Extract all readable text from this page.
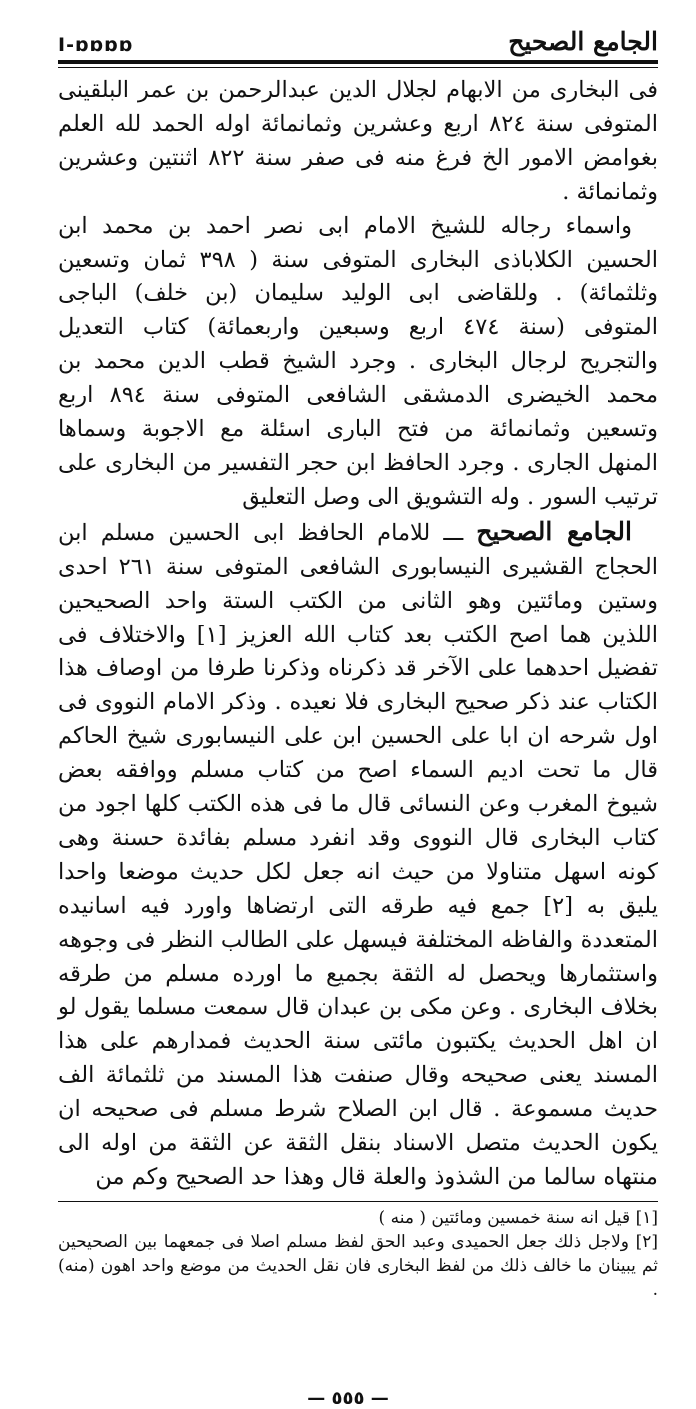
I-ɒɒɒɒ	الجامع الصحيح

فى البخارى من الابهام لجلال الدين عبدالرحمن بن عمر البلقينى المتوفى سنة ٨٢٤ اربع وعشرين وثمانمائة اوله الحمد لله العلم بغوامض الامور الخ فرغ منه فى صفر سنة ٨٢٢ اثنتين وعشرين وثمانمائة .

واسماء رجاله للشيخ الامام ابى نصر احمد بن محمد ابن الحسين الكلاباذى البخارى المتوفى سنة ( ٣٩٨ ثمان وتسعين وثلثمائة) . وللقاضى ابى الوليد سليمان (بن خلف) الباجى المتوفى (سنة ٤٧٤ اربع وسبعين واربعمائة) كتاب التعديل والتجريح لرجال البخارى . وجرد الشيخ قطب الدين محمد بن محمد الخيضرى الدمشقى الشافعى المتوفى سنة ٨٩٤ اربع وتسعين وثمانمائة من فتح البارى اسئلة مع الاجوبة وسماها المنهل الجارى . وجرد الحافظ ابن حجر التفسير من البخارى على ترتيب السور . وله التشويق الى وصل التعليق

الجامع الصحيح ـــ للامام الحافظ ابى الحسين مسلم ابن الحجاج القشيرى النيسابورى الشافعى المتوفى سنة ٢٦١ احدى وستين ومائتين وهو الثانى من الكتب الستة واحد الصحيحين اللذين هما اصح الكتب بعد كتاب الله العزيز [١] والاختلاف فى تفضيل احدهما على الآخر قد ذكرناه وذكرنا طرفا من اوصاف هذا الكتاب عند ذكر صحيح البخارى فلا نعيده . وذكر الامام النووى فى اول شرحه ان ابا على الحسين ابن على النيسابورى شيخ الحاكم قال ما تحت اديم السماء اصح من كتاب مسلم ووافقه بعض شيوخ المغرب وعن النسائى قال ما فى هذه الكتب كلها اجود من كتاب البخارى قال النووى وقد انفرد مسلم بفائدة حسنة وهى كونه اسهل متناولا من حيث انه جعل لكل حديث موضعا واحدا يليق به [٢] جمع فيه طرقه التى ارتضاها واورد فيه اسانيده المتعددة والفاظه المختلفة فيسهل على الطالب النظر فى وجوهه واستثمارها ويحصل له الثقة بجميع ما اورده مسلم من طرقه بخلاف البخارى . وعن مكى بن عبدان قال سمعت مسلما يقول لو ان اهل الحديث يكتبون مائتى سنة الحديث فمدارهم على هذا المسند يعنى صحيحه وقال صنفت هذا المسند من ثلثمائة الف حديث مسموعة . قال ابن الصلاح شرط مسلم فى صحيحه ان يكون الحديث متصل الاسناد بنقل الثقة عن الثقة من اوله الى منتهاه سالما من الشذوذ والعلة قال وهذا حد الصحيح وكم من

[١] قيل انه سنة خمسين ومائتين ( منه )

[٢] ولاجل ذلك جعل الحميدى وعبد الحق لفظ مسلم اصلا فى جمعهما بين الصحيحين ثم يبينان ما خالف ذلك من لفظ البخارى فان نقل الحديث من موضع واحد اهون (منه) .

— ٥٥٥ —
